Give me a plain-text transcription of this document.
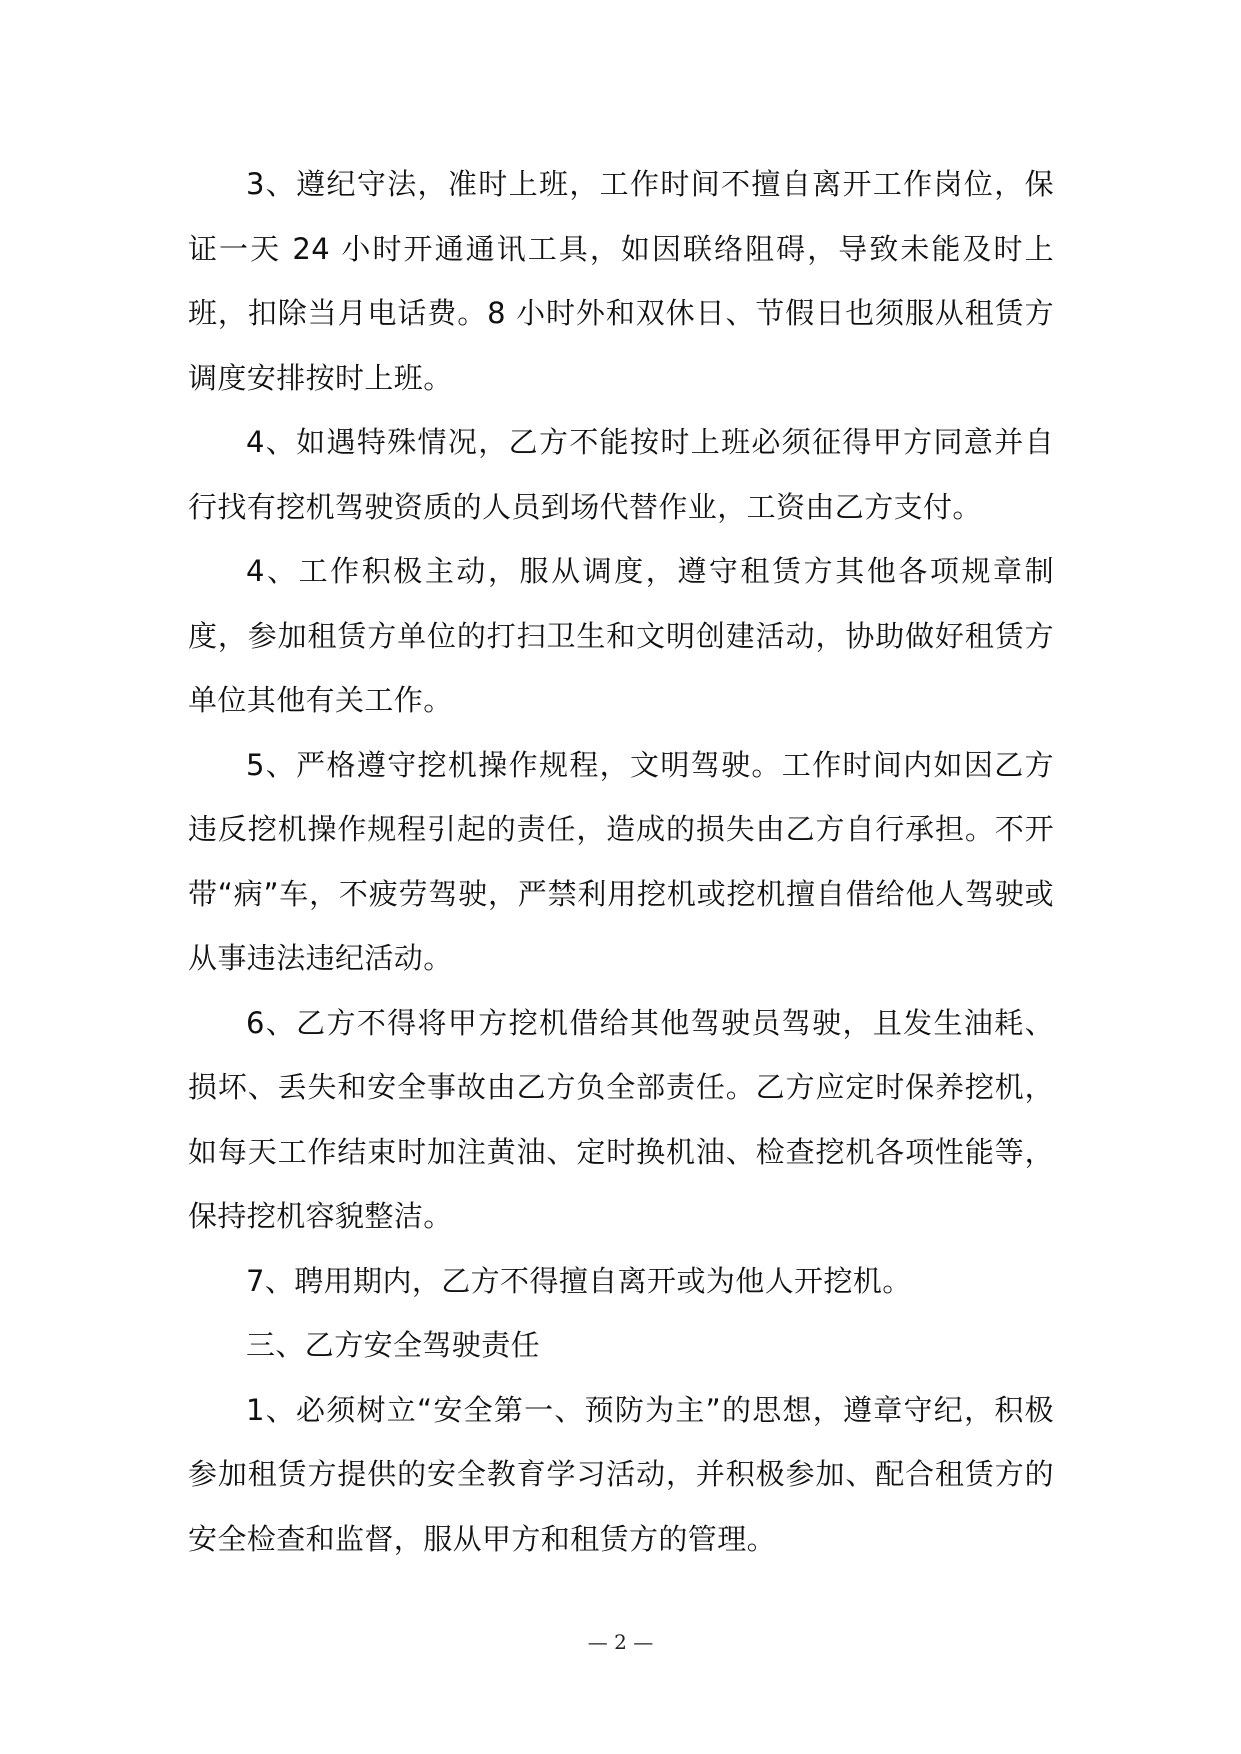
3、遵纪守法，准时上班，工作时间不擅自离开工作岗位，保证一天 24 小时开通通讯工具，如因联络阻碍，导致未能及时上班，扣除当月电话费。8 小时外和双休日、节假日也须服从租赁方调度安排按时上班。

4、如遇特殊情况，乙方不能按时上班必须征得甲方同意并自行找有挖机驾驶资质的人员到场代替作业，工资由乙方支付。

4、工作积极主动，服从调度，遵守租赁方其他各项规章制度，参加租赁方单位的打扫卫生和文明创建活动，协助做好租赁方单位其他有关工作。

5、严格遵守挖机操作规程，文明驾驶。工作时间内如因乙方违反挖机操作规程引起的责任，造成的损失由乙方自行承担。不开带“病”车，不疲劳驾驶，严禁利用挖机或挖机擅自借给他人驾驶或从事违法违纪活动。

6、乙方不得将甲方挖机借给其他驾驶员驾驶，且发生油耗、损坏、丢失和安全事故由乙方负全部责任。乙方应定时保养挖机，如每天工作结束时加注黄油、定时换机油、检查挖机各项性能等，保持挖机容貌整洁。

7、聘用期内，乙方不得擅自离开或为他人开挖机。

三、乙方安全驾驶责任

1、必须树立“安全第一、预防为主”的思想，遵章守纪，积极参加租赁方提供的安全教育学习活动，并积极参加、配合租赁方的安全检查和监督，服从甲方和租赁方的管理。

— 2 —
